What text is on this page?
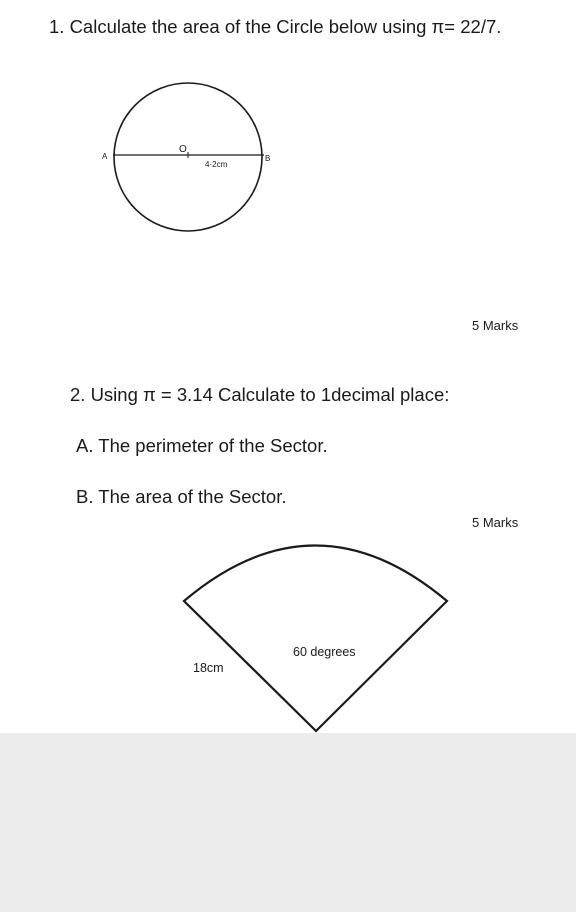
1. Calculate the area of the Circle below using π= 22/7.
A	B
O
4·2cm
5 Marks
2. Using π = 3.14 Calculate to 1decimal place:
A. The perimeter of the Sector.
B. The area of the Sector.
5 Marks
60 degrees
18cm
